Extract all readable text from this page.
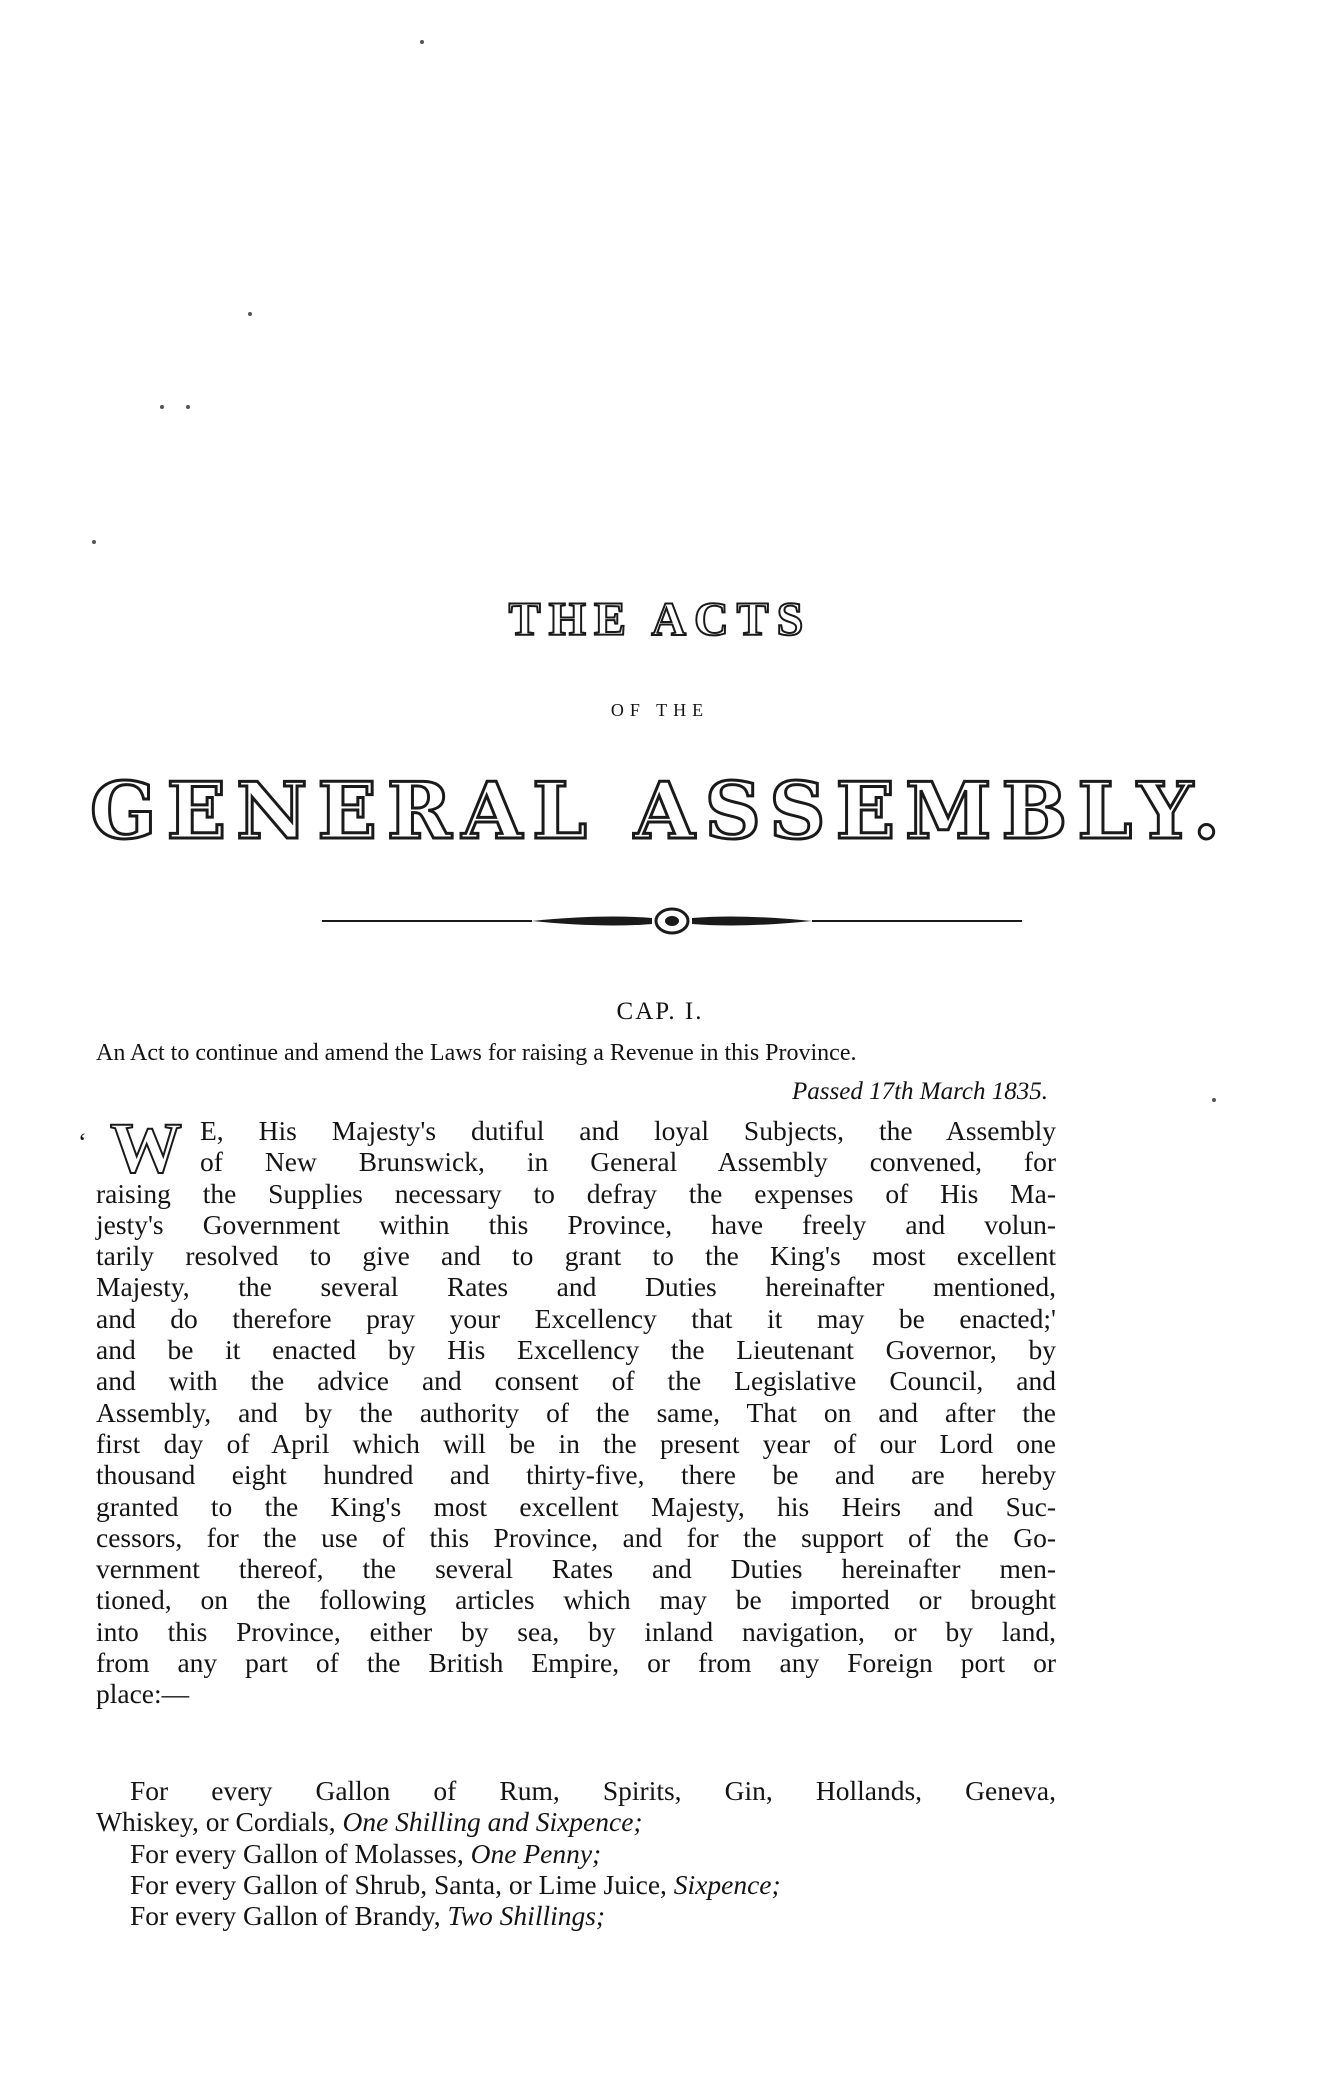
THE ACTS
OF THE
GENERAL ASSEMBLY.
CAP. I.
An Act to continue and amend the Laws for raising a Revenue in this Province.
Passed 17th March 1835.
‘ W E, His Majesty's dutiful and loyal Subjects, the Assembly
of New Brunswick, in General Assembly convened, for
raising the Supplies necessary to defray the expenses of His Ma-
jesty's Government within this Province, have freely and volun-
tarily resolved to give and to grant to the King's most excellent
Majesty, the several Rates and Duties hereinafter mentioned,
and do therefore pray your Excellency that it may be enacted;'
and be it enacted by His Excellency the Lieutenant Governor, by
and with the advice and consent of the Legislative Council, and
Assembly, and by the authority of the same, That on and after the
first day of April which will be in the present year of our Lord one
thousand eight hundred and thirty-five, there be and are hereby
granted to the King's most excellent Majesty, his Heirs and Suc-
cessors, for the use of this Province, and for the support of the Go-
vernment thereof, the several Rates and Duties hereinafter men-
tioned, on the following articles which may be imported or brought
into this Province, either by sea, by inland navigation, or by land,
from any part of the British Empire, or from any Foreign port or
place:—
For every Gallon of Rum, Spirits, Gin, Hollands, Geneva,
Whiskey, or Cordials, One Shilling and Sixpence;
For every Gallon of Molasses, One Penny;
For every Gallon of Shrub, Santa, or Lime Juice, Sixpence;
For every Gallon of Brandy, Two Shillings;
